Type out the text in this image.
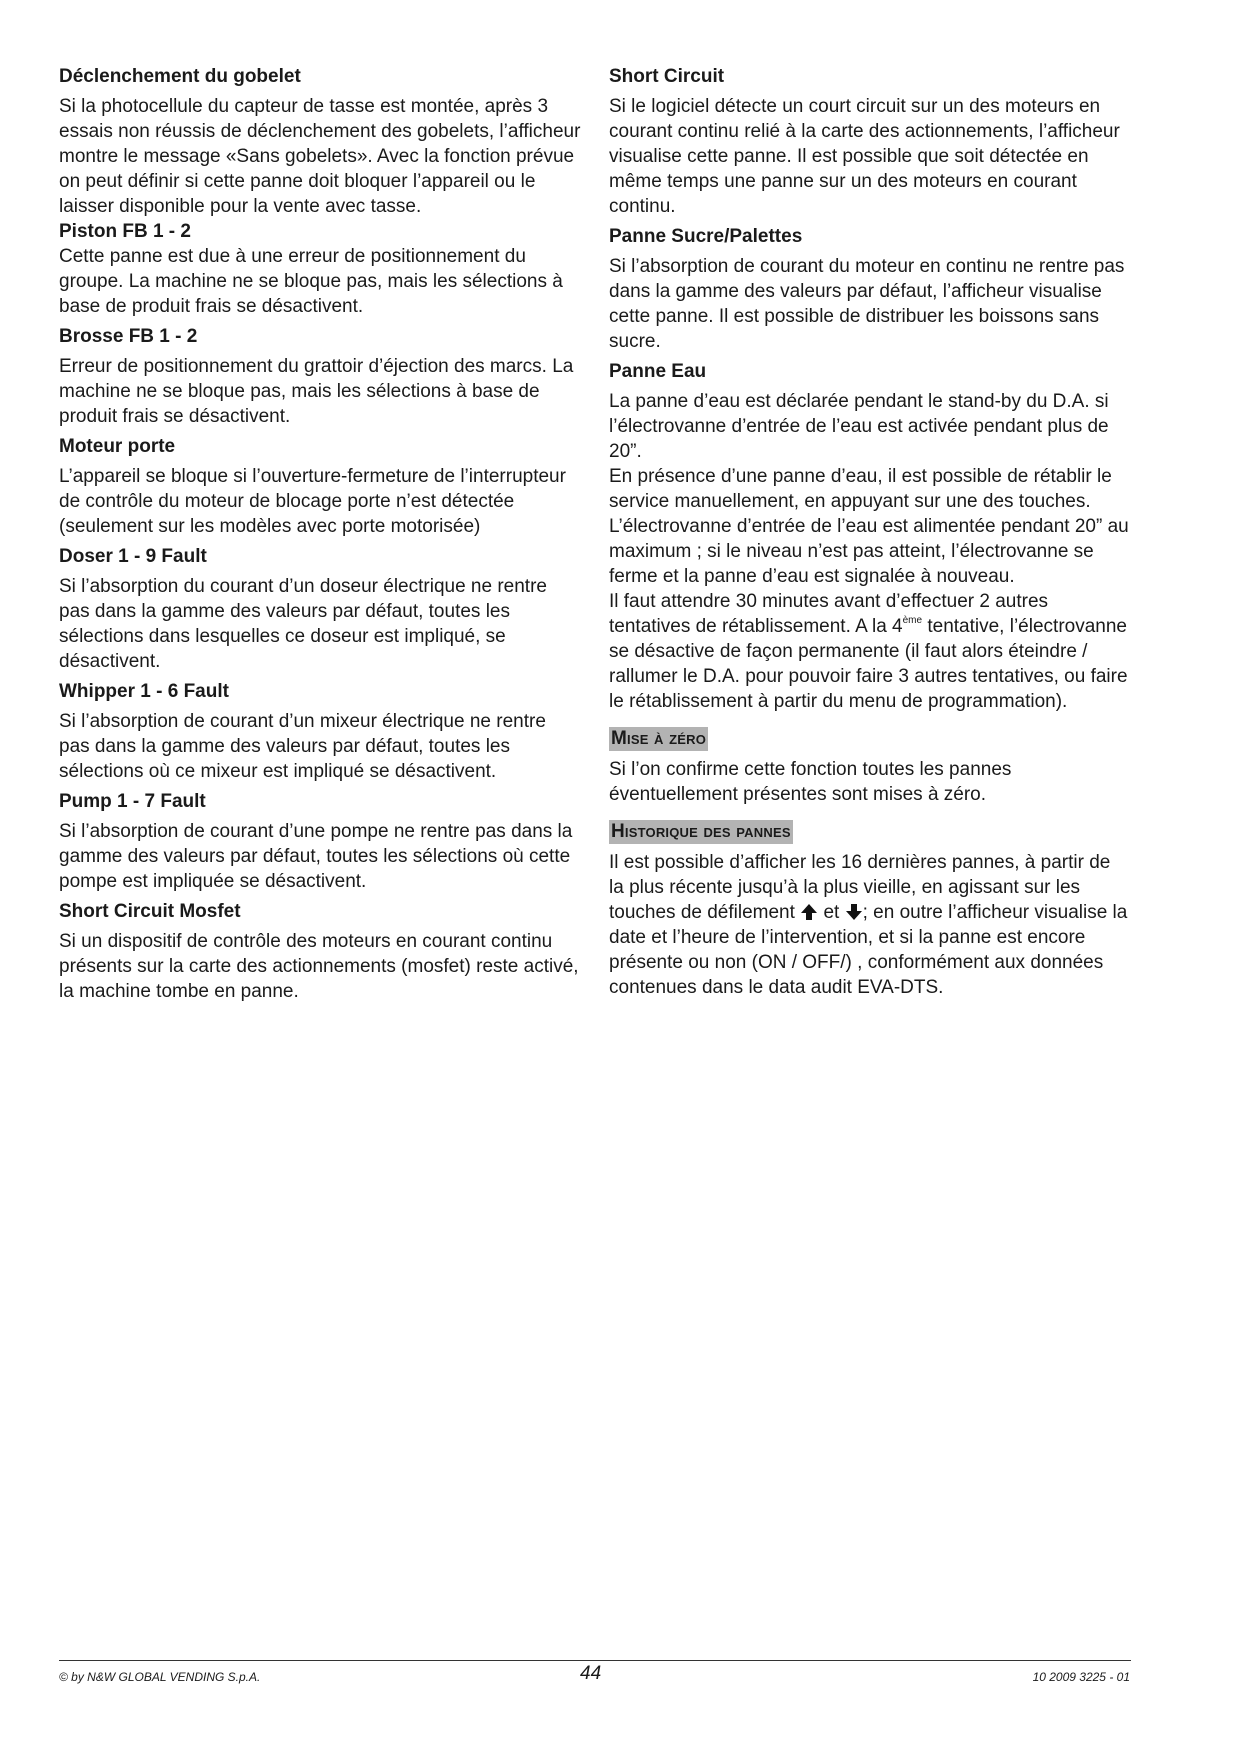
Déclenchement du gobelet

Si la photocellule du capteur de tasse est montée, après 3 essais non réussis de déclenchement des gobelets, l’afficheur montre le message «Sans gobelets». Avec la fonction prévue on peut définir si cette panne doit bloquer l’appareil ou le laisser disponible pour la vente avec tasse.

Piston FB 1 - 2

Cette panne est due à une erreur de positionnement du groupe. La machine ne se bloque pas, mais les sélections à base de produit frais se désactivent.

Brosse FB 1 - 2

Erreur de positionnement du grattoir d’éjection des marcs. La machine ne se bloque pas, mais les sélections à base de produit frais se désactivent.

Moteur porte

L’appareil se bloque si l’ouverture-fermeture de l’interrupteur de contrôle du moteur de blocage porte n’est détectée (seulement sur les modèles avec porte motorisée)

Doser 1 - 9 Fault

Si l’absorption du courant d’un doseur électrique ne rentre pas dans la gamme des valeurs par défaut, toutes les sélections dans lesquelles ce doseur est impliqué, se désactivent.

Whipper 1 - 6 Fault

Si l’absorption de courant d’un mixeur électrique ne rentre pas dans la gamme des valeurs par défaut, toutes les sélections où ce mixeur est impliqué se désactivent.

Pump 1 - 7 Fault

Si l’absorption de courant d’une pompe ne rentre pas dans la gamme des valeurs par défaut, toutes les sélections où cette pompe est impliquée se désactivent.

Short Circuit Mosfet

Si un dispositif de contrôle des moteurs en courant continu présents sur la carte des actionnements (mosfet) reste activé, la machine tombe en panne.

Short Circuit

Si le logiciel détecte un court circuit sur un des moteurs en courant continu relié à la carte des actionnements, l’afficheur visualise cette panne. Il est possible que soit détectée en même temps une panne sur un des moteurs en courant continu.

Panne Sucre/Palettes

Si l’absorption de courant du moteur en continu ne rentre pas dans la gamme des valeurs par défaut, l’afficheur visualise cette panne. Il est possible de distribuer les boissons sans sucre.

Panne Eau

La panne d’eau est déclarée pendant le stand-by du D.A. si l’électrovanne d’entrée de l’eau est activée pendant plus de 20”.

En présence d’une panne d’eau, il est possible de rétablir le service manuellement, en appuyant sur une des touches. L’électrovanne d’entrée de l’eau est alimentée pendant 20” au maximum ; si le niveau n’est pas atteint, l’électrovanne se ferme et la panne d’eau est signalée à nouveau.

Il faut attendre 30 minutes avant d’effectuer 2 autres tentatives de rétablissement. A la 4ème tentative, l’électrovanne se désactive de façon permanente (il faut alors éteindre / rallumer le D.A. pour pouvoir faire 3 autres tentatives, ou faire le rétablissement à partir du menu de programmation).

Mise à zéro

Si l’on confirme cette fonction toutes les pannes éventuellement présentes sont mises à zéro.

Historique des pannes

Il est possible d’afficher les 16 dernières pannes, à partir de la plus récente jusqu’à la plus vieille, en agissant sur les touches de défilement  et ; en outre l’afficheur visualise la date et l’heure de l’intervention, et si la panne est encore présente ou non (ON / OFF/) , conformément aux données contenues dans le data audit EVA-DTS.

© by N&W GLOBAL VENDING S.p.A.	44	10 2009 3225 - 01
